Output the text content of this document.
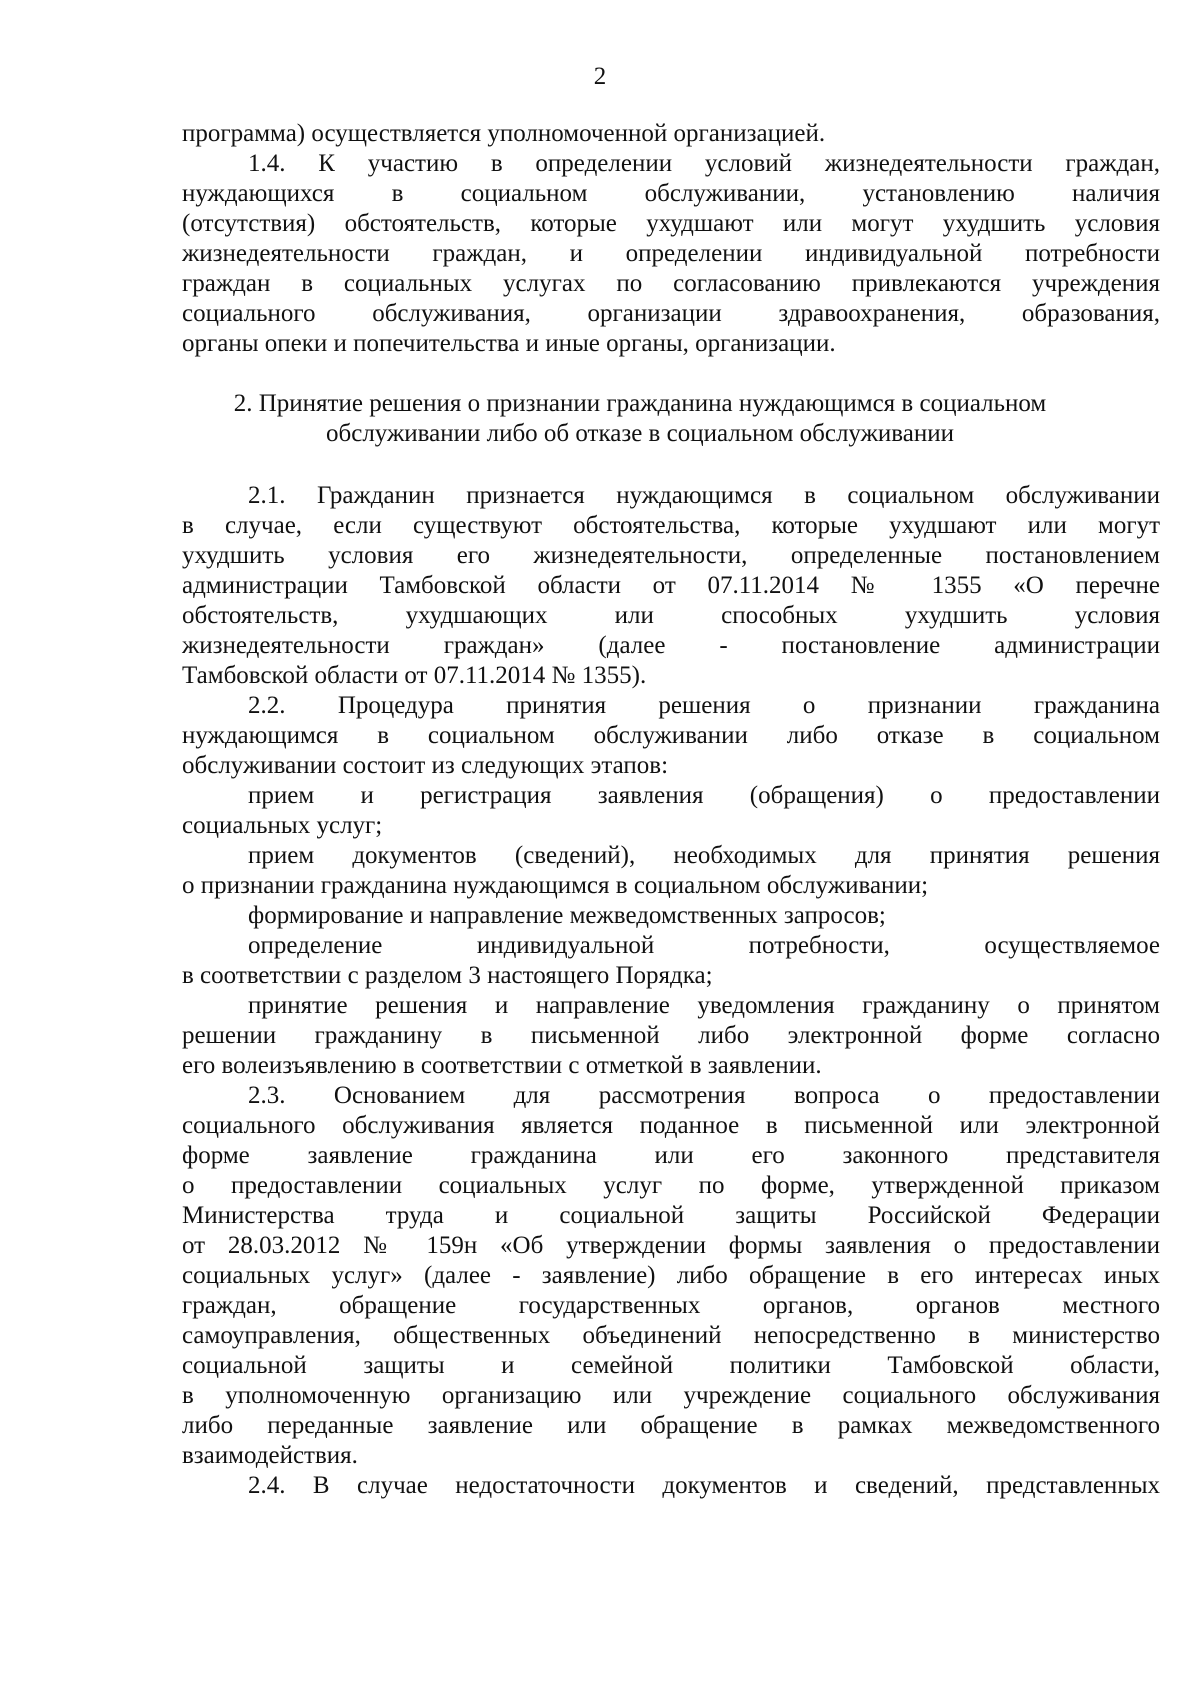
2
программа) осуществляется уполномоченной организацией.
1.4. К участию в определении условий жизнедеятельности граждан,
нуждающихся в социальном обслуживании, установлению наличия
(отсутствия) обстоятельств, которые ухудшают или могут ухудшить условия
жизнедеятельности граждан, и определении индивидуальной потребности
граждан в социальных услугах по согласованию привлекаются учреждения
социального обслуживания, организации здравоохранения, образования,
органы опеки и попечительства и иные органы, организации.
2. Принятие решения о признании гражданина нуждающимся в социальном
обслуживании либо об отказе в социальном обслуживании
2.1. Гражданин признается нуждающимся в социальном обслуживании
в случае, если существуют обстоятельства, которые ухудшают или могут
ухудшить условия его жизнедеятельности, определенные постановлением
администрации Тамбовской области от 07.11.2014 № 1355 «О перечне
обстоятельств, ухудшающих или способных ухудшить условия
жизнедеятельности граждан» (далее - постановление администрации
Тамбовской области от 07.11.2014 № 1355).
2.2. Процедура принятия решения о признании гражданина
нуждающимся в социальном обслуживании либо отказе в социальном
обслуживании состоит из следующих этапов:
прием и регистрация заявления (обращения) о предоставлении
социальных услуг;
прием документов (сведений), необходимых для принятия решения
о признании гражданина нуждающимся в социальном обслуживании;
формирование и направление межведомственных запросов;
определение индивидуальной потребности, осуществляемое
в соответствии с разделом 3 настоящего Порядка;
принятие решения и направление уведомления гражданину о принятом
решении гражданину в письменной либо электронной форме согласно
его волеизъявлению в соответствии с отметкой в заявлении.
2.3. Основанием для рассмотрения вопроса о предоставлении
социального обслуживания является поданное в письменной или электронной
форме заявление гражданина или его законного представителя
о предоставлении социальных услуг по форме, утвержденной приказом
Министерства труда и социальной защиты Российской Федерации
от 28.03.2012 № 159н «Об утверждении формы заявления о предоставлении
социальных услуг» (далее - заявление) либо обращение в его интересах иных
граждан, обращение государственных органов, органов местного
самоуправления, общественных объединений непосредственно в министерство
социальной защиты и семейной политики Тамбовской области,
в уполномоченную организацию или учреждение социального обслуживания
либо переданные заявление или обращение в рамках межведомственного
взаимодействия.
2.4. В случае недостаточности документов и сведений, представленных
